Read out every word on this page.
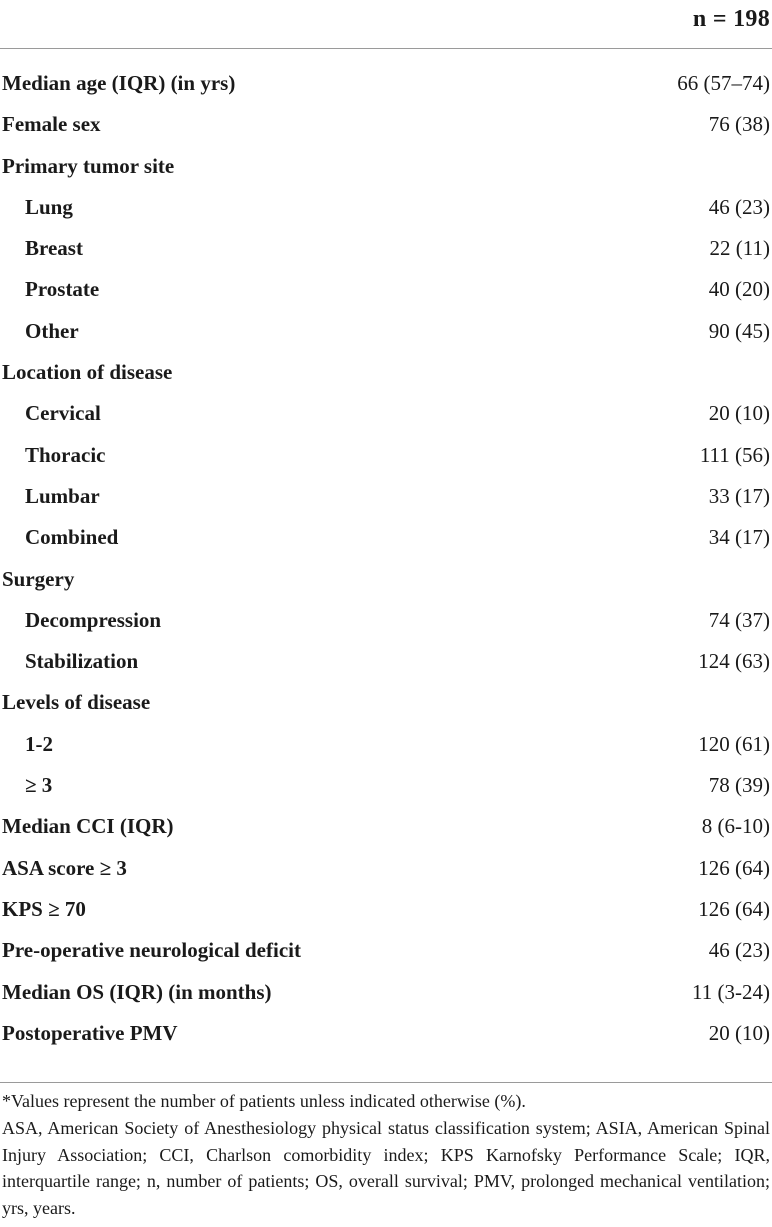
n = 198
Median age (IQR) (in yrs)	66 (57–74)
Female sex	76 (38)
Primary tumor site
Lung	46 (23)
Breast	22 (11)
Prostate	40 (20)
Other	90 (45)
Location of disease
Cervical	20 (10)
Thoracic	111 (56)
Lumbar	33 (17)
Combined	34 (17)
Surgery
Decompression	74 (37)
Stabilization	124 (63)
Levels of disease
1-2	120 (61)
≥ 3	78 (39)
Median CCI (IQR)	8 (6-10)
ASA score ≥ 3	126 (64)
KPS ≥ 70	126 (64)
Pre-operative neurological deficit	46 (23)
Median OS (IQR) (in months)	11 (3-24)
Postoperative PMV	20 (10)

*Values represent the number of patients unless indicated otherwise (%).

ASA, American Society of Anesthesiology physical status classification system; ASIA, American Spinal Injury Association; CCI, Charlson comorbidity index; KPS Karnofsky Performance Scale; IQR, interquartile range; n, number of patients; OS, overall survival; PMV, prolonged mechanical ventilation; yrs, years.
